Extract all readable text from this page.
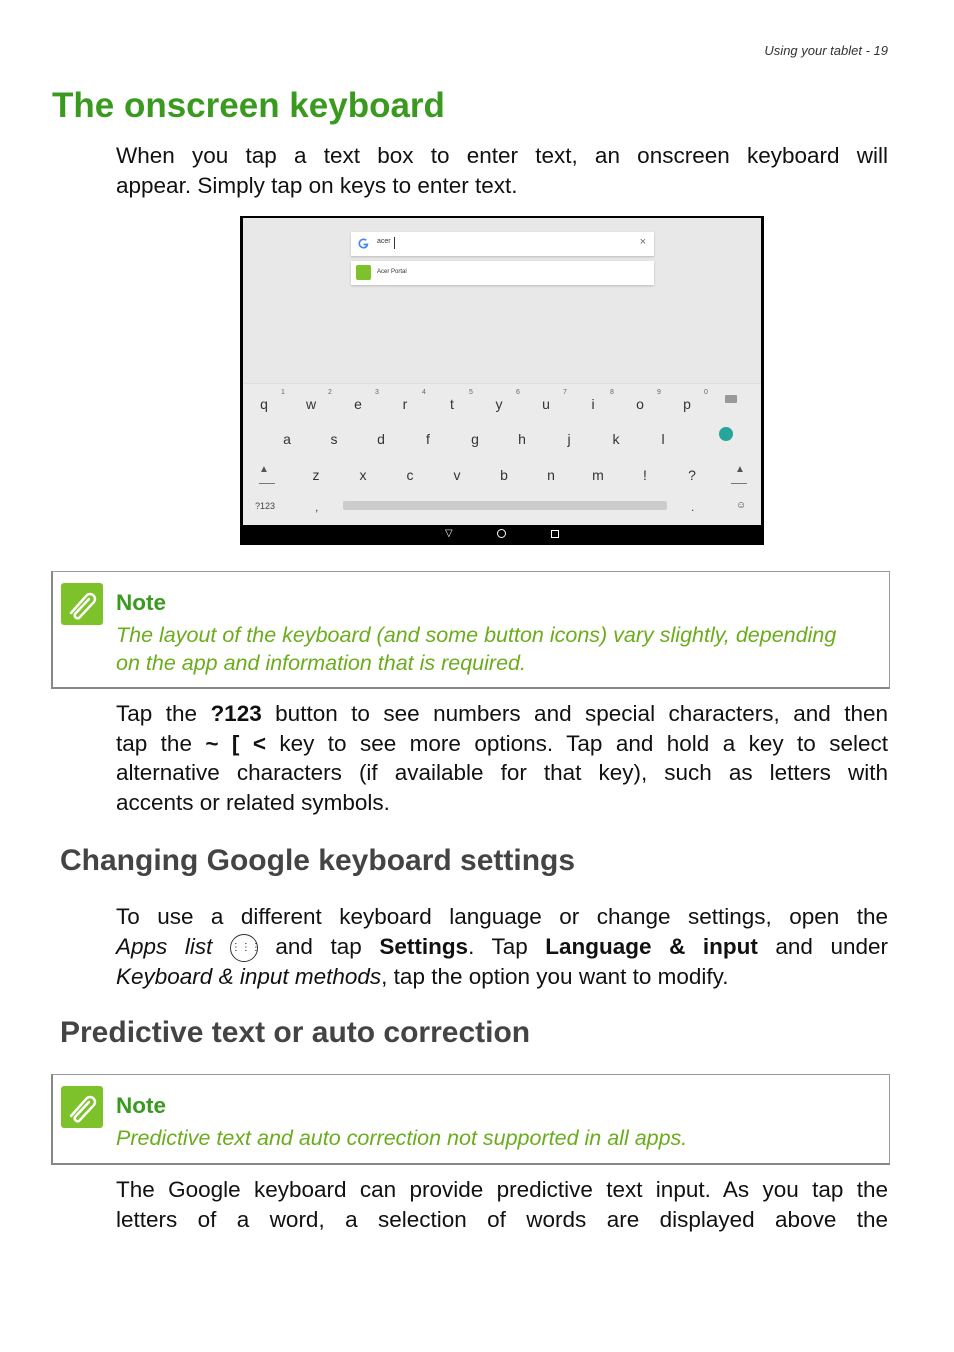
Using your tablet - 19
The onscreen keyboard

When you tap a text box to enter text, an onscreen keyboard will
appear. Simply tap on keys to enter text.

acer	×
Acer Portal
▲	▲
?123	,	.	☺
1	2	3	4	5	6	7	8	9	0
q	w	e	r	t	y	u	i	o	p
a	s	d	f	g	h	j	k	l
z	x	c	v	b	n	m	!	?
▽
Note
The layout of the keyboard (and some button icons) vary slightly, depending
on the app and information that is required.
Tap the ?123 button to see numbers and special characters, and then
tap the ~ [ < key to see more options. Tap and hold a key to select
alternative characters (if available for that key), such as letters with
accents or related symbols.
Changing Google keyboard settings
To use a different keyboard language or change settings, open the
Apps list ⋮⋮⋮ and tap Settings. Tap Language & input and under
Keyboard & input methods, tap the option you want to modify.
Predictive text or auto correction
Note
Predictive text and auto correction not supported in all apps.
The Google keyboard can provide predictive text input. As you tap the
letters of a word, a selection of words are displayed above the
